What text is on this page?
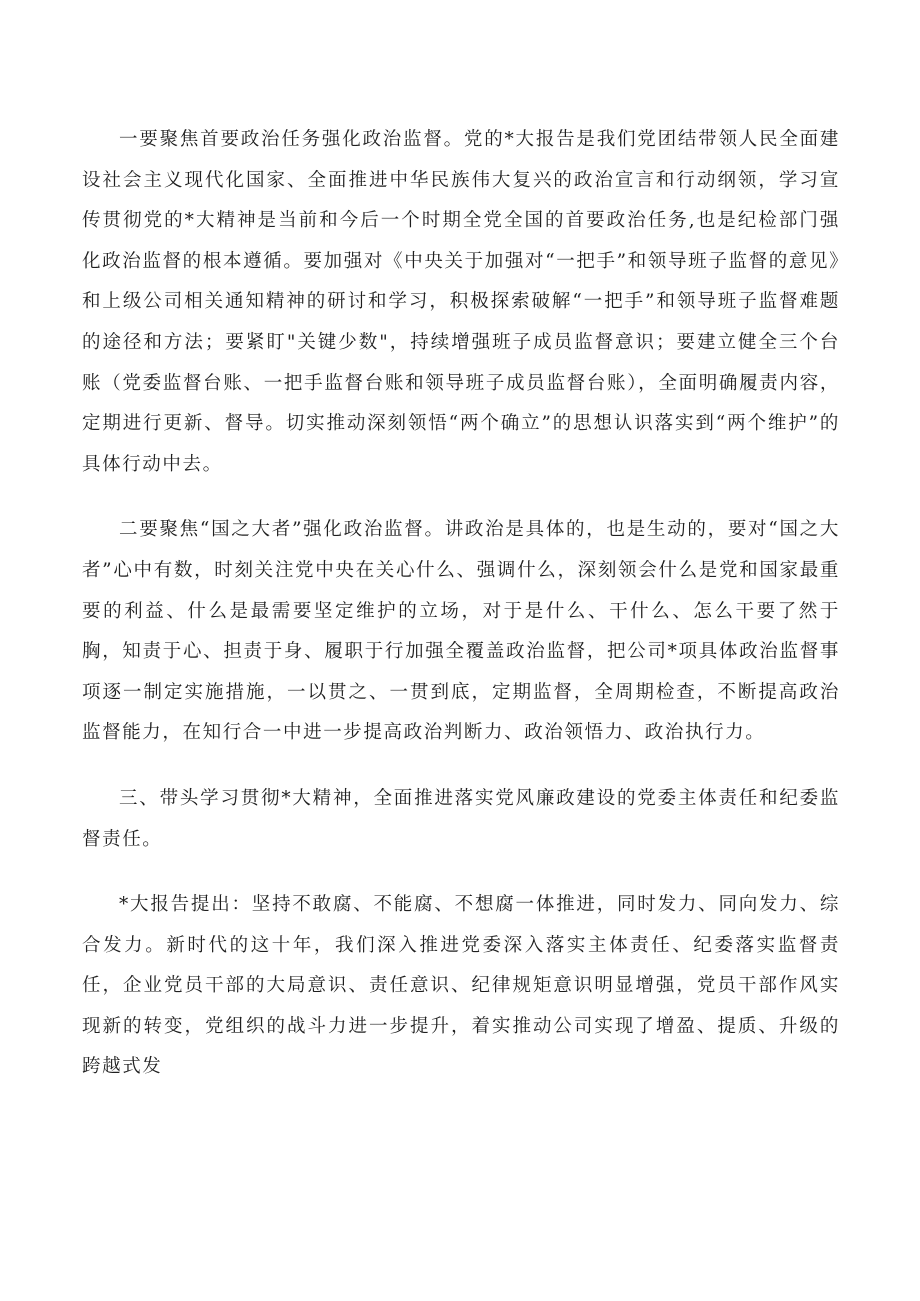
一要聚焦首要政治任务强化政治监督。党的*大报告是我们党团结带领人民全面建设社会主义现代化国家、全面推进中华民族伟大复兴的政治宣言和行动纲领，学习宣传贯彻党的*大精神是当前和今后一个时期全党全国的首要政治任务,也是纪检部门强化政治监督的根本遵循。要加强对《中央关于加强对“一把手”和领导班子监督的意见》和上级公司相关通知精神的研讨和学习，积极探索破解“一把手”和领导班子监督难题的途径和方法；要紧盯"关键少数"，持续增强班子成员监督意识；要建立健全三个台账（党委监督台账、一把手监督台账和领导班子成员监督台账），全面明确履责内容，定期进行更新、督导。切实推动深刻领悟“两个确立”的思想认识落实到“两个维护”的具体行动中去。

二要聚焦“国之大者”强化政治监督。讲政治是具体的，也是生动的，要对“国之大者”心中有数，时刻关注党中央在关心什么、强调什么，深刻领会什么是党和国家最重要的利益、什么是最需要坚定维护的立场，对于是什么、干什么、怎么干要了然于胸，知责于心、担责于身、履职于行加强全覆盖政治监督，把公司*项具体政治监督事项逐一制定实施措施，一以贯之、一贯到底，定期监督，全周期检查，不断提高政治监督能力，在知行合一中进一步提高政治判断力、政治领悟力、政治执行力。

三、带头学习贯彻*大精神，全面推进落实党风廉政建设的党委主体责任和纪委监督责任。

*大报告提出：坚持不敢腐、不能腐、不想腐一体推进，同时发力、同向发力、综合发力。新时代的这十年，我们深入推进党委深入落实主体责任、纪委落实监督责任，企业党员干部的大局意识、责任意识、纪律规矩意识明显增强，党员干部作风实现新的转变，党组织的战斗力进一步提升，着实推动公司实现了增盈、提质、升级的跨越式发
